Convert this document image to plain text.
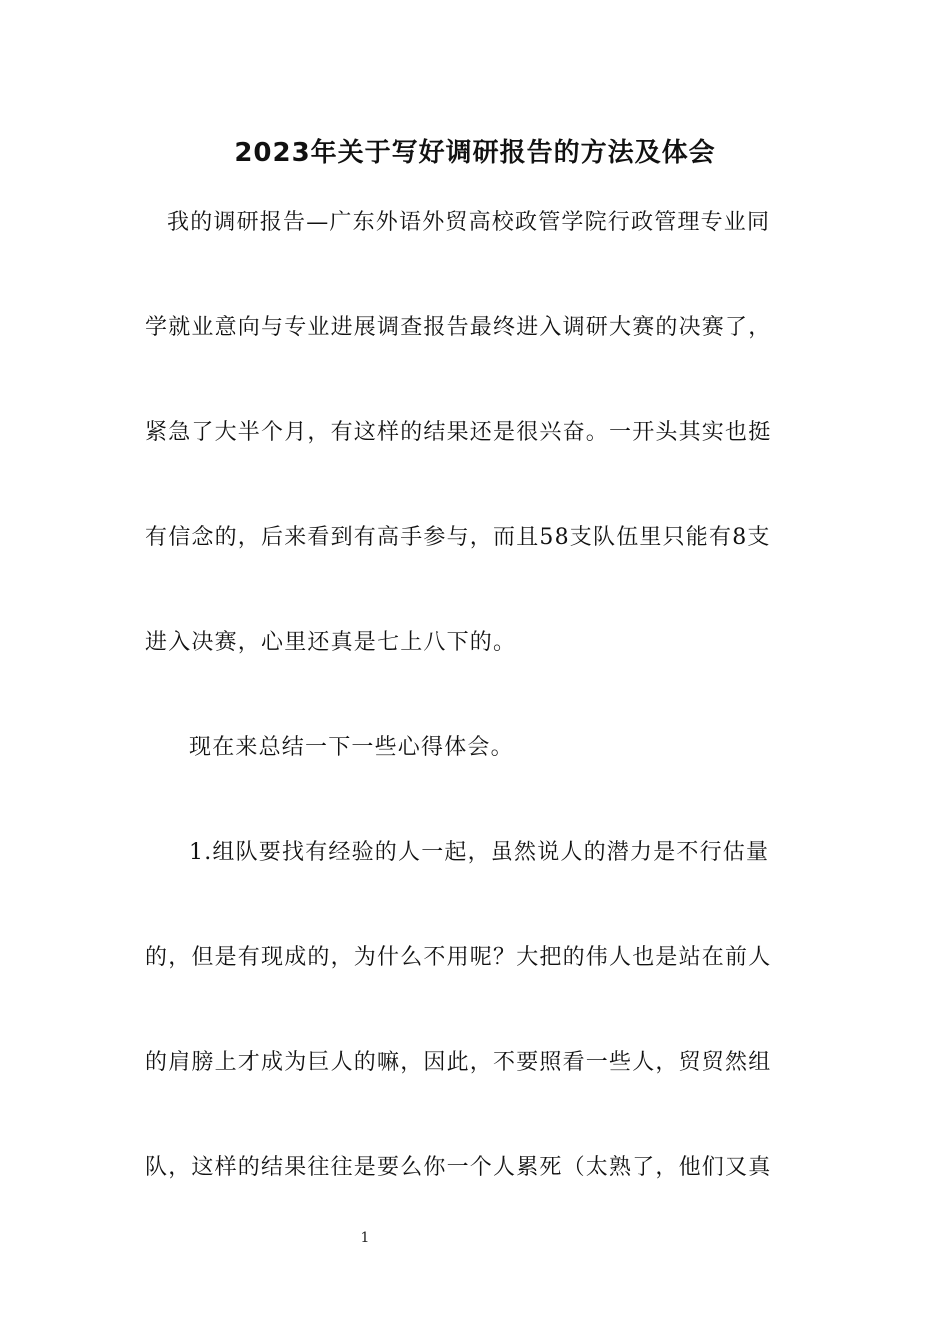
2023年关于写好调研报告的方法及体会
我的调研报告—广东外语外贸高校政管学院行政管理专业同
学就业意向与专业进展调查报告最终进入调研大赛的决赛了，
紧急了大半个月，有这样的结果还是很兴奋。一开头其实也挺
有信念的，后来看到有高手参与，而且58支队伍里只能有8支
进入决赛，心里还真是七上八下的。
现在来总结一下一些心得体会。
1.组队要找有经验的人一起，虽然说人的潜力是不行估量
的，但是有现成的，为什么不用呢？大把的伟人也是站在前人
的肩膀上才成为巨人的嘛，因此，不要照看一些人，贸贸然组
队，这样的结果往往是要么你一个人累死（太熟了，他们又真
1
